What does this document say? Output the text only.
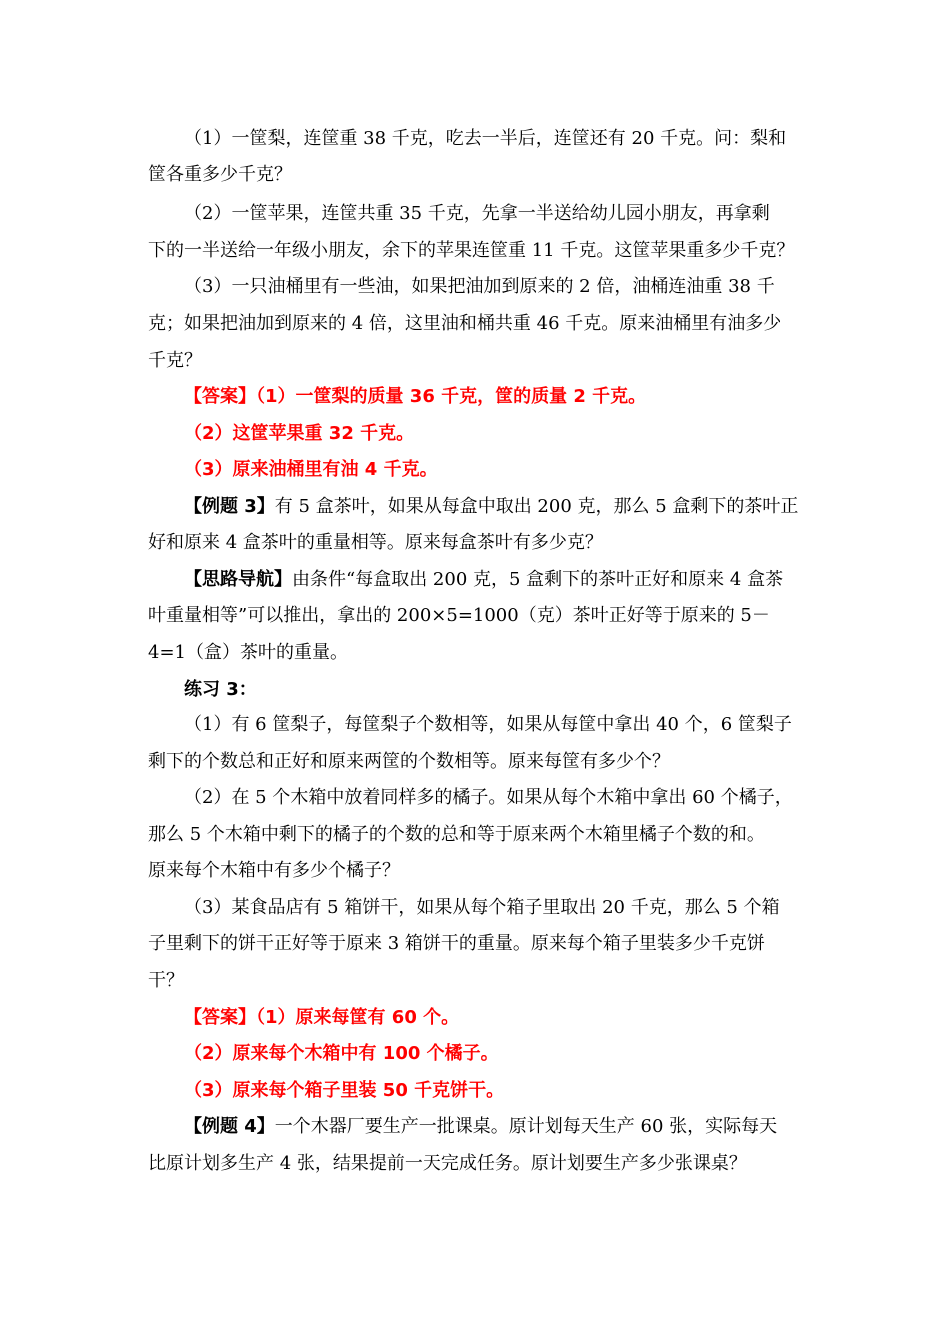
（1）一筐梨，连筐重 38 千克，吃去一半后，连筐还有 20 千克。问：梨和
筐各重多少千克？
（2）一筐苹果，连筐共重 35 千克，先拿一半送给幼儿园小朋友，再拿剩
下的一半送给一年级小朋友，余下的苹果连筐重 11 千克。这筐苹果重多少千克？
（3）一只油桶里有一些油，如果把油加到原来的 2 倍，油桶连油重 38 千
克；如果把油加到原来的 4 倍，这里油和桶共重 46 千克。原来油桶里有油多少
千克？
【答案】（1）一筐梨的质量 36 千克，筐的质量 2 千克。
（2）这筐苹果重 32 千克。
（3）原来油桶里有油 4 千克。
【例题 3】有 5 盒茶叶，如果从每盒中取出 200 克，那么 5 盒剩下的茶叶正
好和原来 4 盒茶叶的重量相等。原来每盒茶叶有多少克？
【思路导航】由条件“每盒取出 200 克，5 盒剩下的茶叶正好和原来 4 盒茶
叶重量相等”可以推出，拿出的 200×5=1000（克）茶叶正好等于原来的 5－
4=1（盒）茶叶的重量。
练习 3：
（1）有 6 筐梨子，每筐梨子个数相等，如果从每筐中拿出 40 个，6 筐梨子
剩下的个数总和正好和原来两筐的个数相等。原来每筐有多少个？
（2）在 5 个木箱中放着同样多的橘子。如果从每个木箱中拿出 60 个橘子，
那么 5 个木箱中剩下的橘子的个数的总和等于原来两个木箱里橘子个数的和。
原来每个木箱中有多少个橘子？
（3）某食品店有 5 箱饼干，如果从每个箱子里取出 20 千克，那么 5 个箱
子里剩下的饼干正好等于原来 3 箱饼干的重量。原来每个箱子里装多少千克饼
干？
【答案】（1）原来每筐有 60 个。
（2）原来每个木箱中有 100 个橘子。
（3）原来每个箱子里装 50 千克饼干。
【例题 4】一个木器厂要生产一批课桌。原计划每天生产 60 张，实际每天
比原计划多生产 4 张，结果提前一天完成任务。原计划要生产多少张课桌？
